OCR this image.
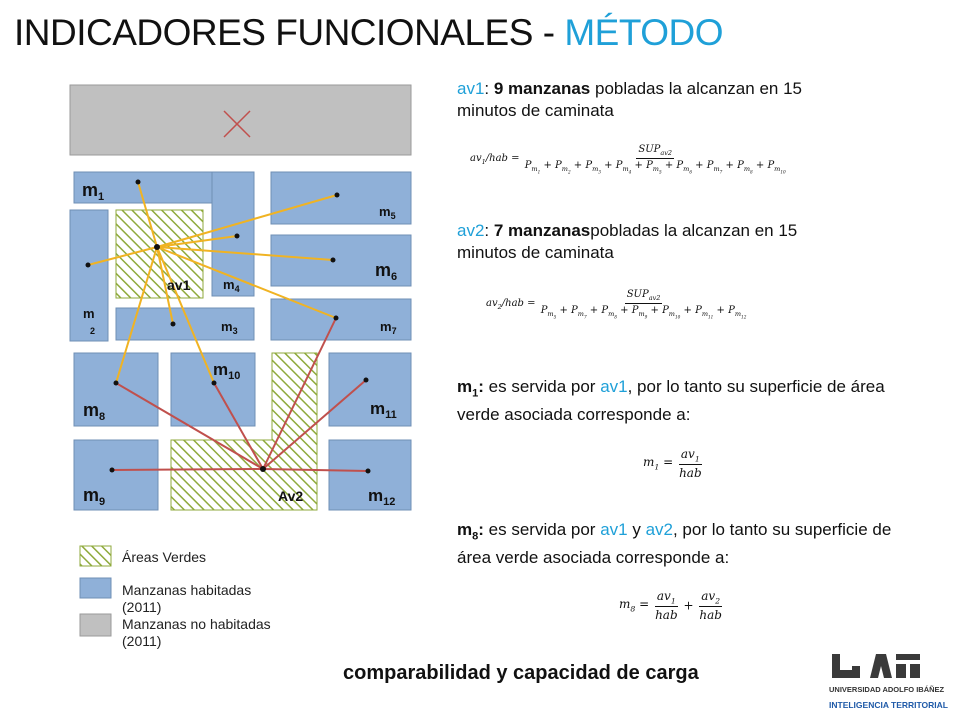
INDICADORES FUNCIONALES - MÉTODO
$m_1$
m
2	$m_3$
$m_4$
$m_5$
$m_6$
$m_7$
$m_8$
$m_9$
$m_{10}$
$m_{11}$
$m_{12}$
av1
Av2
Áreas Verdes
Manzanas habitadas
(2011)
Manzanas no habitadas
(2011)
av1: 9 manzanas pobladas la alcanzan en 15 minutos de caminata
$av_1$/hab = $\frac{SUP_{av2}}{P_{m_1} + P_{m_2} + P_{m_3} + P_{m_4} + P_{m_5} + P_{m_6} + P_{m_7} + P_{m_8} + P_{m_{10}}}$
av2: 7 manzanaspobladas la alcanzan en 15 minutos de caminata
$av_2$/hab = $\frac{SUP_{av2}}{P_{m_5} + P_{m_7} + P_{m_8} + P_{m_9} + P_{m_{10}} + P_{m_{11}} + P_{m_{12}}}$
$m_1$: es servida por av1, por lo tanto su superficie de área verde asociada corresponde a:
$m_1 = \frac{av_1}{\text{hab}}$
$m_8$: es servida por av1 y av2, por lo tanto su superficie de área verde asociada corresponde a:
$m_8 = \frac{av_1}{\text{hab}} + \frac{av_2}{\text{hab}}$
comparabilidad y capacidad de carga
UNIVERSIDAD ADOLFO IBÁÑEZ
INTELIGENCIA TERRITORIAL
